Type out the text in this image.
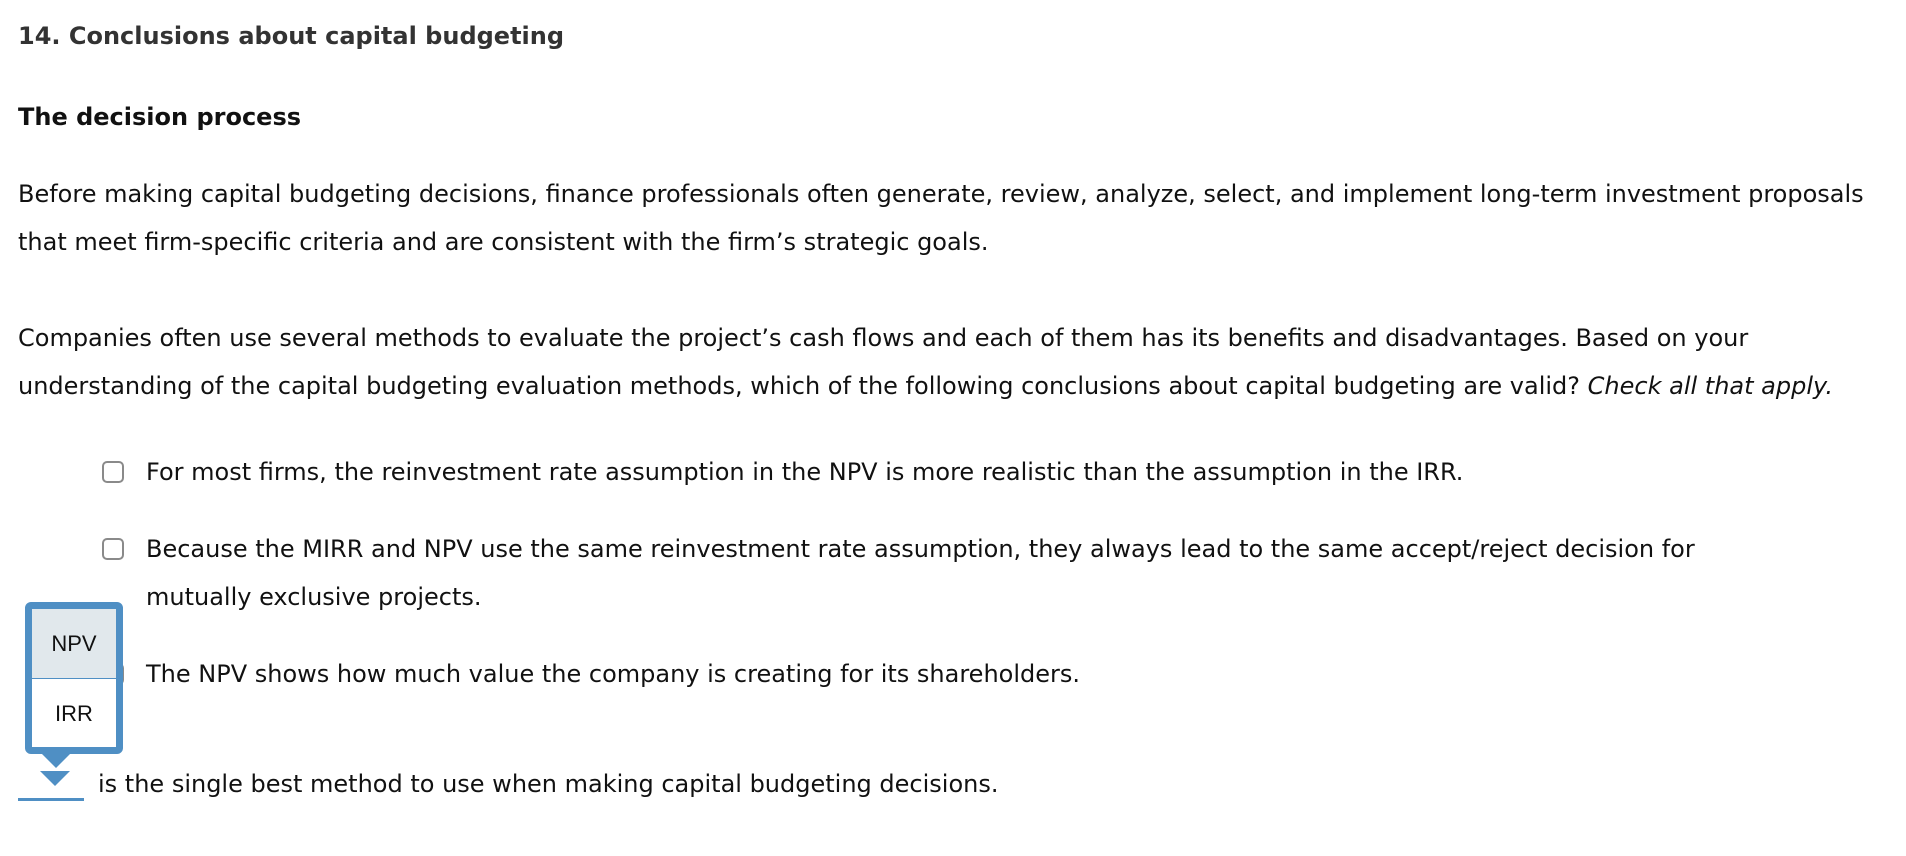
14. Conclusions about capital budgeting
The decision process

Before making capital budgeting decisions, finance professionals often generate, review, analyze, select, and implement long-term investment proposals that meet firm-specific criteria and are consistent with the firm’s strategic goals.

Companies often use several methods to evaluate the project’s cash flows and each of them has its benefits and disadvantages. Based on your understanding of the capital budgeting evaluation methods, which of the following conclusions about capital budgeting are valid? Check all that apply.

For most firms, the reinvestment rate assumption in the NPV is more realistic than the assumption in the IRR.
Because the MIRR and NPV use the same reinvestment rate assumption, they always lead to the same accept/reject decision for mutually exclusive projects.
The NPV shows how much value the company is creating for its shareholders.
is the single best method to use when making capital budgeting decisions.
NPV
IRR
